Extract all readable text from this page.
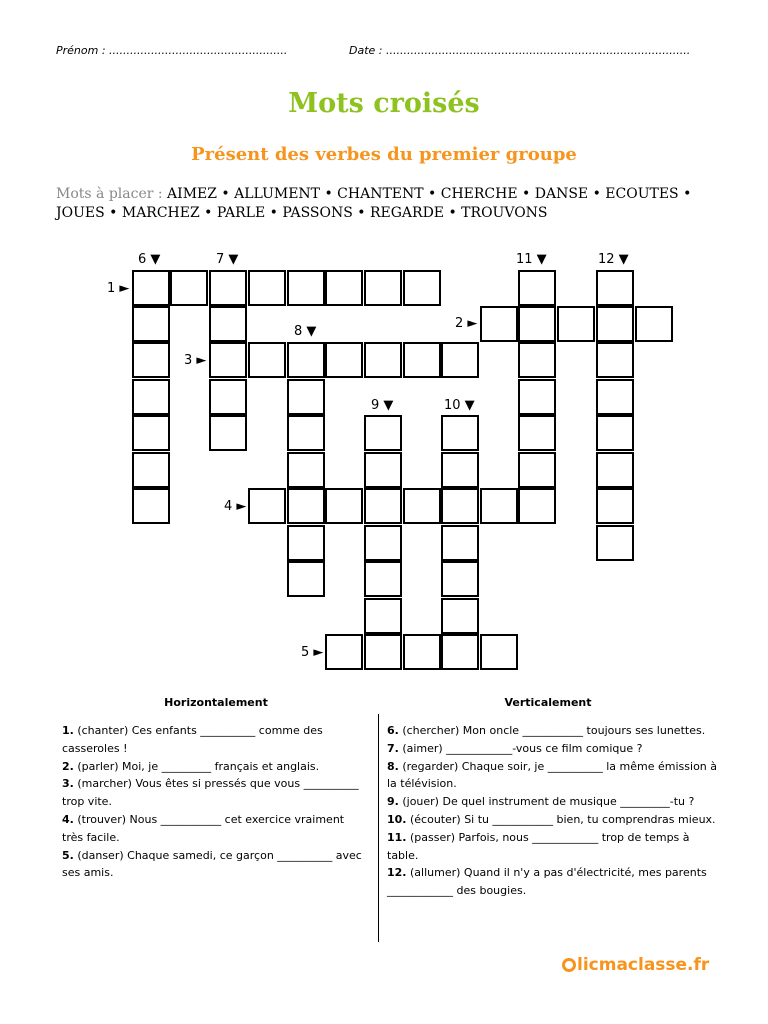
Prénom : ...................................................	Date : .......................................................................................
Mots croisés
Présent des verbes du premier groupe
Mots à placer : AIMEZ • ALLUMENT • CHANTENT • CHERCHE • DANSE • ECOUTES • JOUES • MARCHEZ • PARLE • PASSONS • REGARDE • TROUVONS
6 ▼	7 ▼	11 ▼	12 ▼
1 ►
2 ►
8 ▼
3 ►
9 ▼	10 ▼
4 ►
5 ►
Horizontalement	Verticalement
1. (chanter) Ces enfants __________ comme des casseroles !
2. (parler) Moi, je _________ français et anglais.
3. (marcher) Vous êtes si pressés que vous __________ trop vite.
4. (trouver) Nous ___________ cet exercice vraiment très facile.
5. (danser) Chaque samedi, ce garçon __________ avec ses amis.
6. (chercher) Mon oncle ___________ toujours ses lunettes.
7. (aimer) ____________-vous ce film comique ?
8. (regarder) Chaque soir, je __________ la même émission à la télévision.
9. (jouer) De quel instrument de musique _________-tu ?
10. (écouter) Si tu ___________ bien, tu comprendras mieux.
11. (passer) Parfois, nous ____________ trop de temps à table.
12. (allumer) Quand il n'y a pas d'électricité, mes parents ____________ des bougies.
licmaclasse.fr
